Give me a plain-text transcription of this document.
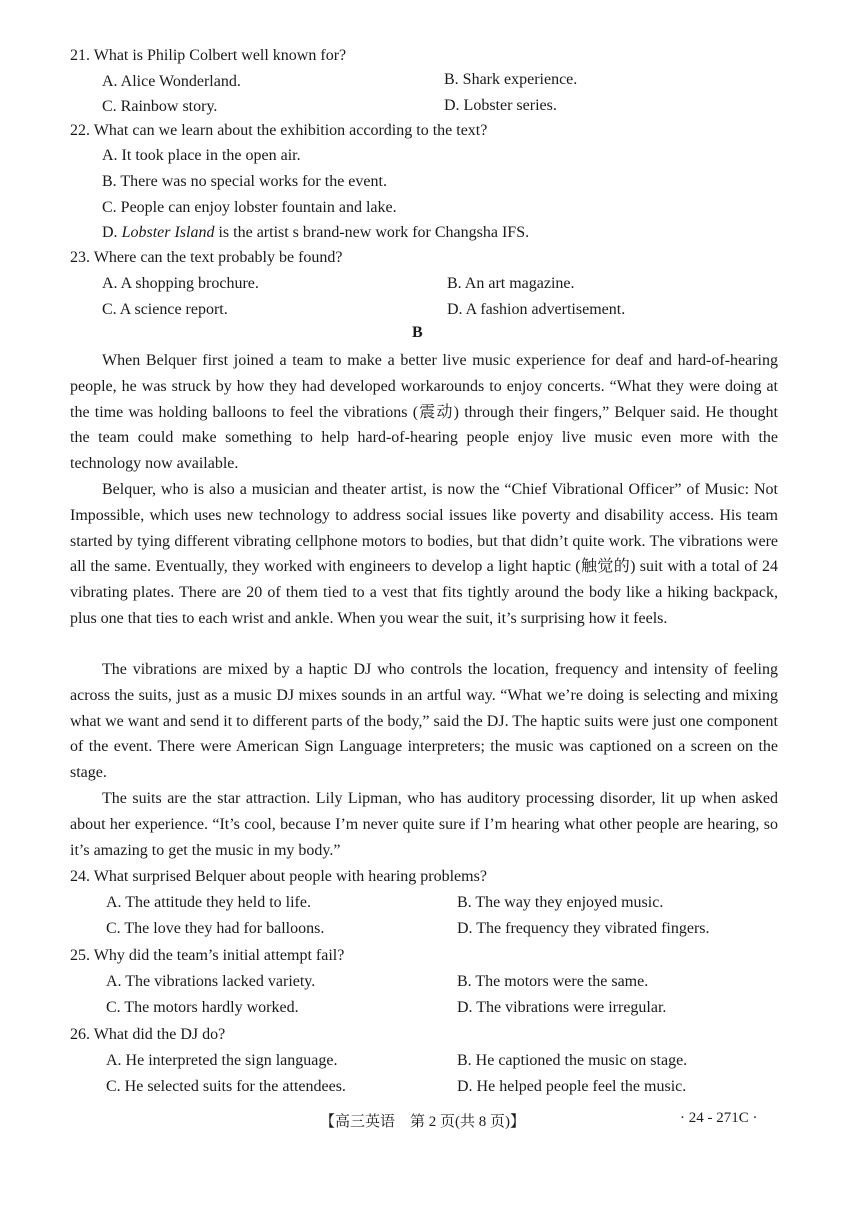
21. What is Philip Colbert well known for?
A. Alice Wonderland.	B. Shark experience.
C. Rainbow story.	D. Lobster series.
22. What can we learn about the exhibition according to the text?
A. It took place in the open air.
B. There was no special works for the event.
C. People can enjoy lobster fountain and lake.
D. Lobster Island is the artist s brand-new work for Changsha IFS.
23. Where can the text probably be found?
A. A shopping brochure.	B. An art magazine.
C. A science report.	D. A fashion advertisement.
B
When Belquer first joined a team to make a better live music experience for deaf and hard-of-hearing people, he was struck by how they had developed workarounds to enjoy concerts. “What they were doing at the time was holding balloons to feel the vibrations (震动) through their fingers,” Belquer said. He thought the team could make something to help hard-of-hearing people enjoy live music even more with the technology now available.
Belquer, who is also a musician and theater artist, is now the “Chief Vibrational Officer” of Music: Not Impossible, which uses new technology to address social issues like poverty and disability access. His team started by tying different vibrating cellphone motors to bodies, but that didn’t quite work. The vibrations were all the same. Eventually, they worked with engineers to develop a light haptic (触觉的) suit with a total of 24 vibrating plates. There are 20 of them tied to a vest that fits tightly around the body like a hiking backpack, plus one that ties to each wrist and ankle. When you wear the suit, it’s surprising how it feels.
The vibrations are mixed by a haptic DJ who controls the location, frequency and intensity of feeling across the suits, just as a music DJ mixes sounds in an artful way. “What we’re doing is selecting and mixing what we want and send it to different parts of the body,” said the DJ. The haptic suits were just one component of the event. There were American Sign Language interpreters; the music was captioned on a screen on the stage.
The suits are the star attraction. Lily Lipman, who has auditory processing disorder, lit up when asked about her experience. “It’s cool, because I’m never quite sure if I’m hearing what other people are hearing, so it’s amazing to get the music in my body.”
24. What surprised Belquer about people with hearing problems?
A. The attitude they held to life.	B. The way they enjoyed music.
C. The love they had for balloons.	D. The frequency they vibrated fingers.
25. Why did the team’s initial attempt fail?
A. The vibrations lacked variety.	B. The motors were the same.
C. The motors hardly worked.	D. The vibrations were irregular.
26. What did the DJ do?
A. He interpreted the sign language.	B. He captioned the music on stage.
C. He selected suits for the attendees.	D. He helped people feel the music.
【高三英语　第 2 页(共 8 页)】	· 24 - 271C ·
